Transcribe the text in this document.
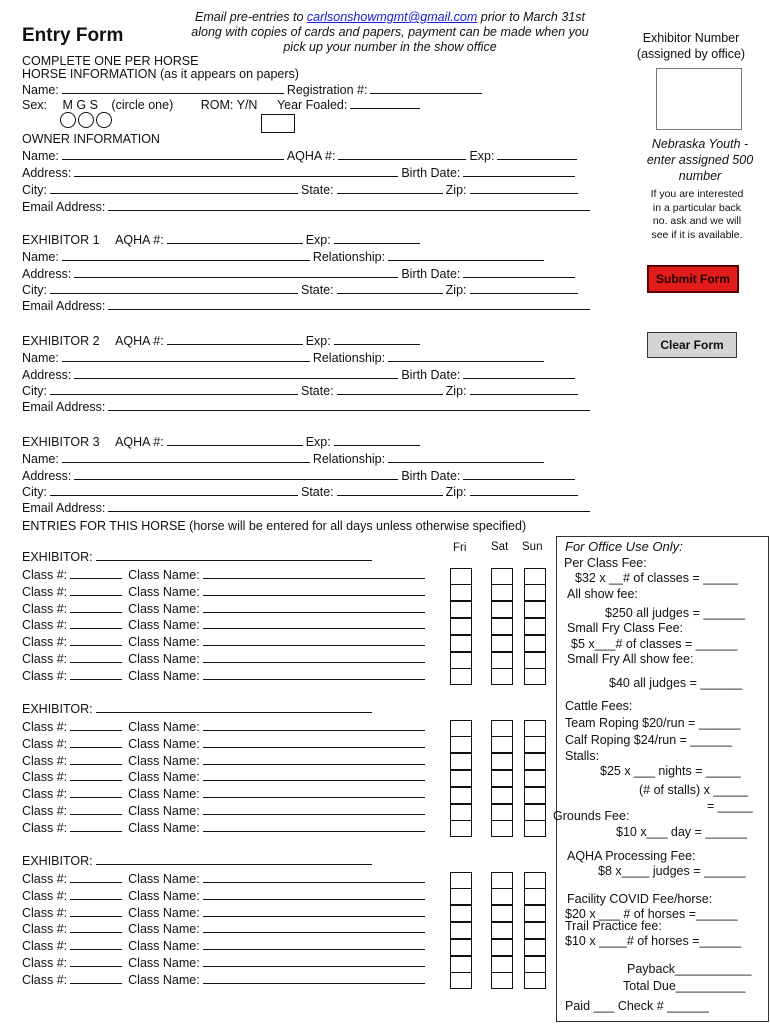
Entry Form
Email pre-entries to carlsonshowmgmt@gmail.com prior to March 31st
along with copies of cards and papers, payment can be made when you
pick up your number in the show office
Exhibitor Number
(assigned by office)
Nebraska Youth -
enter assigned 500
number
If you are interested
in a particular back
no. ask and we will
see if it is available.
Submit Form
Clear Form
COMPLETE ONE PER HORSE
HORSE INFORMATION (as it appears on papers)
Name:	Registration #:
Sex: M G S (circle one) ROM: Y/N Year Foaled:
OWNER INFORMATION
Name:	AQHA #:	Exp:
Address:	Birth Date:
City:	State:	Zip:
Email Address:
EXHIBITOR 1 AQHA #:	Exp:
Name:	Relationship:
Address:	Birth Date:
City:	State:	Zip:
Email Address:
EXHIBITOR 2 AQHA #:	Exp:
Name:	Relationship:
Address:	Birth Date:
City:	State:	Zip:
Email Address:
EXHIBITOR 3 AQHA #:	Exp:
Name:	Relationship:
Address:	Birth Date:
City:	State:	Zip:
Email Address:
ENTRIES FOR THIS HORSE (horse will be entered for all days unless otherwise specified)
Fri Sat Sun
EXHIBITOR:
Class #:	Class Name:
Class #:	Class Name:
Class #:	Class Name:
Class #:	Class Name:
Class #:	Class Name:
Class #:	Class Name:
Class #:	Class Name:
EXHIBITOR:
Class #:	Class Name:
Class #:	Class Name:
Class #:	Class Name:
Class #:	Class Name:
Class #:	Class Name:
Class #:	Class Name:
Class #:	Class Name:
EXHIBITOR:
Class #:	Class Name:
Class #:	Class Name:
Class #:	Class Name:
Class #:	Class Name:
Class #:	Class Name:
Class #:	Class Name:
Class #:	Class Name:
For Office Use Only:
Per Class Fee:
$32 x __# of classes = _____
All show fee:
$250 all judges = ______
Small Fry Class Fee:
$5 x___# of classes = ______
Small Fry All show fee:
$40 all judges = ______
Cattle Fees:
Team Roping $20/run = ______
Calf Roping $24/run = ______
Stalls:
$25 x ___ nights = _____
(# of stalls) x _____
= _____
Grounds Fee:
$10 x___ day = ______
AQHA Processing Fee:
$8 x____ judges = ______
Facility COVID Fee/horse:
$20 x ___ # of horses =______
Trail Practice fee:
$10 x ____# of horses =______
Payback___________
Total Due__________
Paid ___ Check # ______
